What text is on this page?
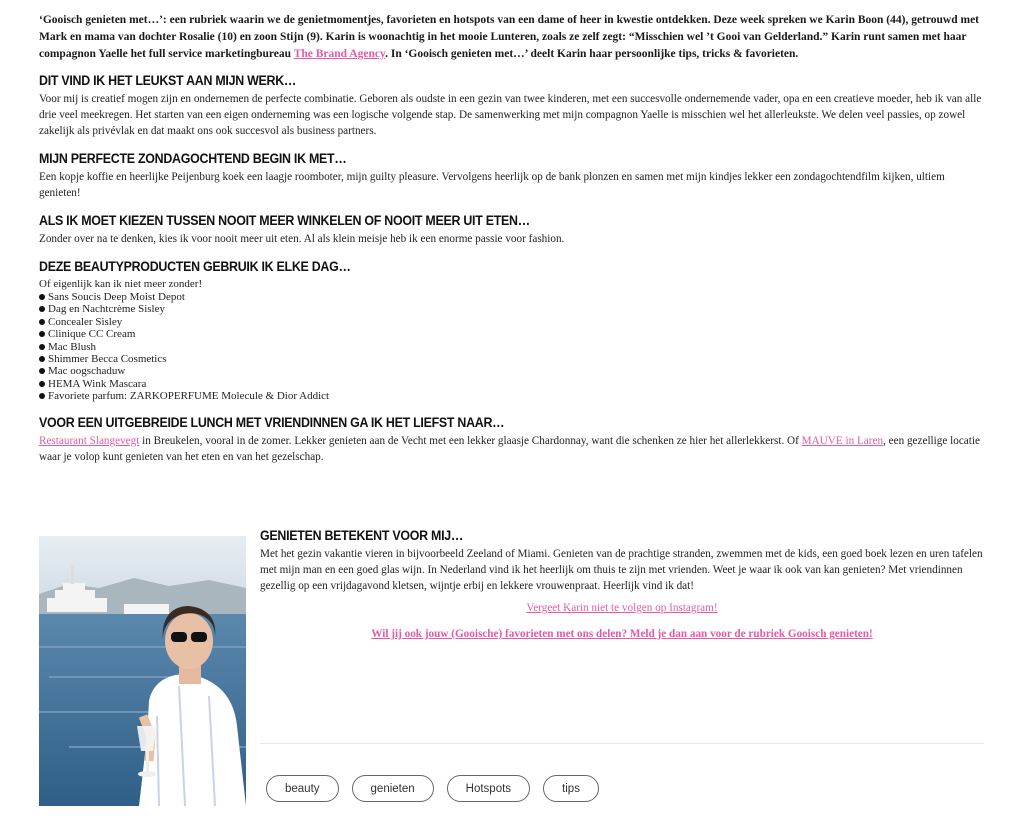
‘Gooisch genieten met…’: een rubriek waarin we de genietmomentjes, favorieten en hotspots van een dame of heer in kwestie ontdekken. Deze week spreken we Karin Boon (44), getrouwd met Mark en mama van dochter Rosalie (10) en zoon Stijn (9). Karin is woonachtig in het mooie Lunteren, zoals ze zelf zegt: “Misschien wel ’t Gooi van Gelderland.” Karin runt samen met haar compagnon Yaelle het full service marketingbureau The Brand Agency. In ‘Gooisch genieten met…’ deelt Karin haar persoonlijke tips, tricks & favorieten.

DIT VIND IK HET LEUKST AAN MIJN WERK…

Voor mij is creatief mogen zijn en ondernemen de perfecte combinatie. Geboren als oudste in een gezin van twee kinderen, met een succesvolle ondernemende vader, opa en een creatieve moeder, heb ik van alle drie veel meekregen. Het starten van een eigen onderneming was een logische volgende stap. De samenwerking met mijn compagnon Yaelle is misschien wel het allerleukste. We delen veel passies, op zowel zakelijk als privévlak en dat maakt ons ook succesvol als business partners.

MIJN PERFECTE ZONDAGOCHTEND BEGIN IK MET…

Een kopje koffie en heerlijke Peijenburg koek een laagje roomboter, mijn guilty pleasure. Vervolgens heerlijk op de bank plonzen en samen met mijn kindjes lekker een zondagochtendfilm kijken, ultiem genieten!

ALS IK MOET KIEZEN TUSSEN NOOIT MEER WINKELEN OF NOOIT MEER UIT ETEN…

Zonder over na te denken, kies ik voor nooit meer uit eten. Al als klein meisje heb ik een enorme passie voor fashion.

DEZE BEAUTYPRODUCTEN GEBRUIK IK ELKE DAG…

Of eigenlijk kan ik niet meer zonder!

Sans Soucis Deep Moist Depot
Dag en Nachtcrème Sisley
Concealer Sisley
Clinique CC Cream
Mac Blush
Shimmer Becca Cosmetics
Mac oogschaduw
HEMA Wink Mascara
Favoriete parfum: ZARKOPERFUME Molecule & Dior Addict
VOOR EEN UITGEBREIDE LUNCH MET VRIENDINNEN GA IK HET LIEFST NAAR…

Restaurant Slangevegt in Breukelen, vooral in de zomer. Lekker genieten aan de Vecht met een lekker glaasje Chardonnay, want die schenken ze hier het allerlekkerst. Of MAUVE in Laren, een gezellige locatie waar je volop kunt genieten van het eten en van het gezelschap.

GENIETEN BETEKENT VOOR MIJ…

Met het gezin vakantie vieren in bijvoorbeeld Zeeland of Miami. Genieten van de prachtige stranden, zwemmen met de kids, een goed boek lezen en uren tafelen met mijn man en een goed glas wijn. In Nederland vind ik het heerlijk om thuis te zijn met vrienden. Weet je waar ik ook van kan genieten? Met vriendinnen gezellig op een vrijdagavond kletsen, wijntje erbij en lekkere vrouwenpraat. Heerlijk vind ik dat!

Vergeet Karin niet te volgen op Instagram!

Wil jij ook jouw (Gooische) favorieten met ons delen? Meld je dan aan voor de rubriek Gooisch genieten!

beauty	genieten	Hotspots	tips
